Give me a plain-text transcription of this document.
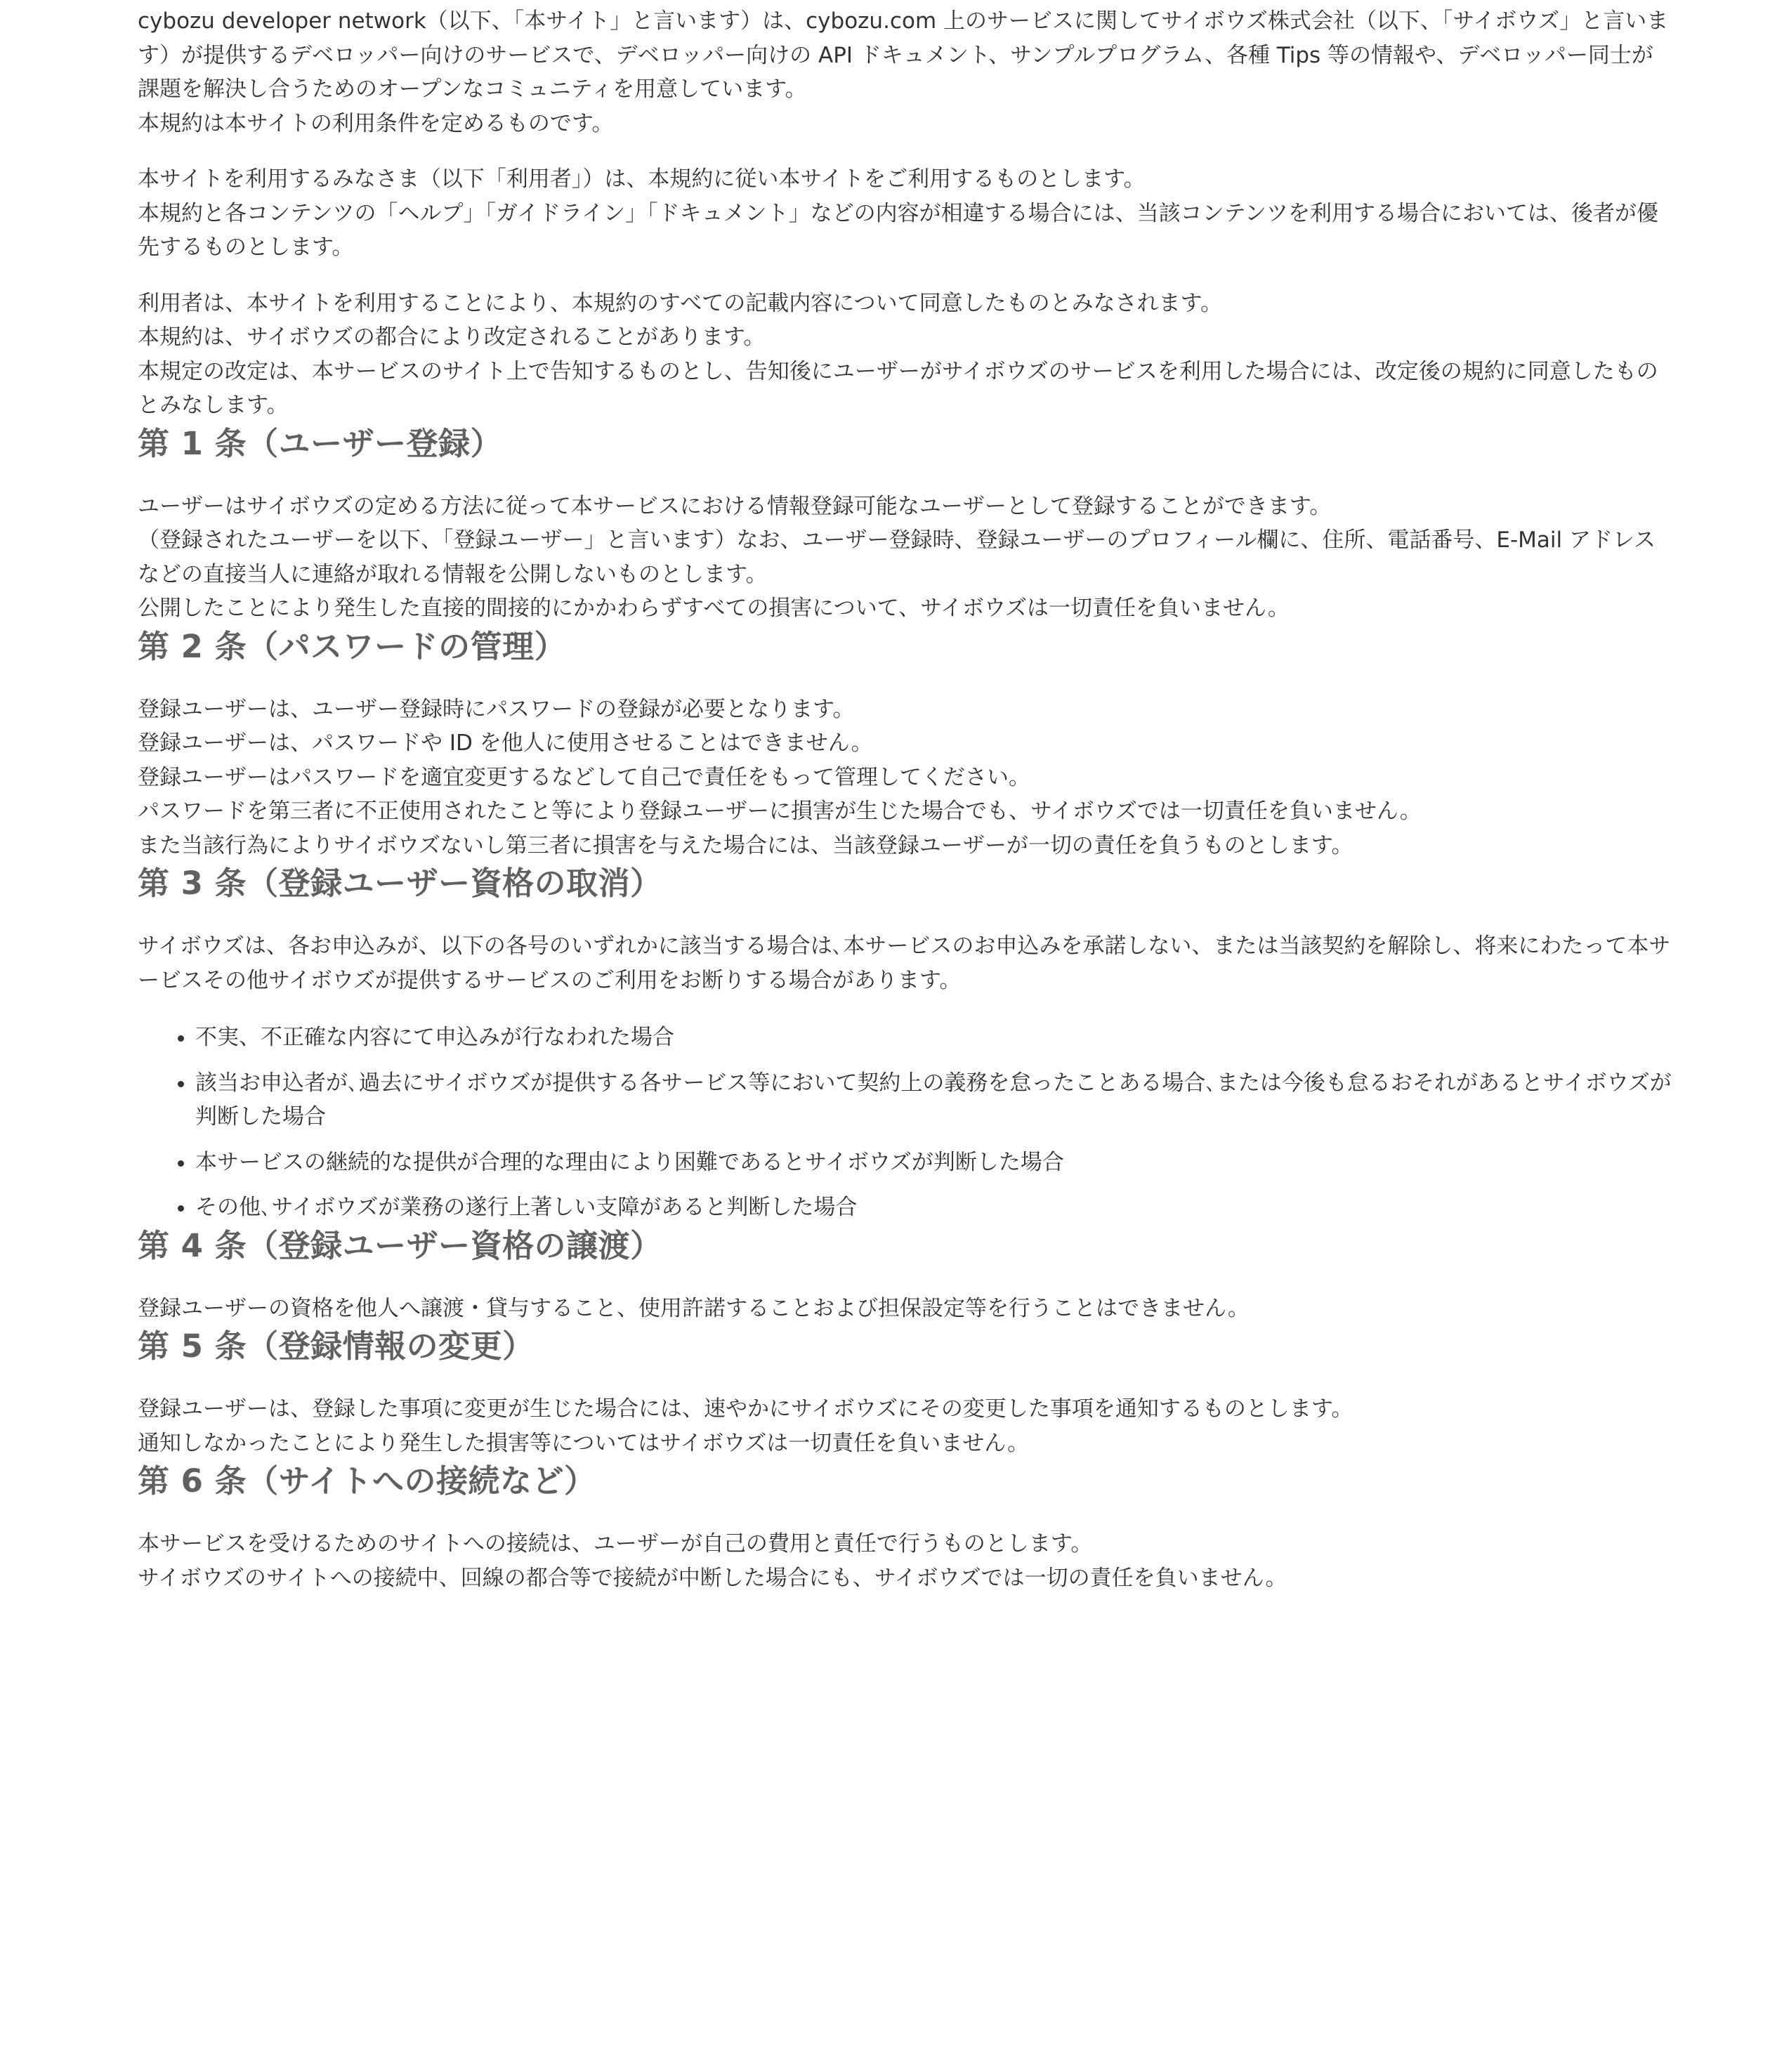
cybozu developer network（以下、「本サイト」と言います）は、cybozu.com 上のサービスに関してサイボウズ株式会社（以下、「サイボウズ」と言います）が提供するデベロッパー向けのサービスで、デベロッパー向けの API ドキュメント、サンプルプログラム、各種 Tips 等の情報や、デベロッパー同士が課題を解決し合うためのオープンなコミュニティを用意しています。

本規約は本サイトの利用条件を定めるものです。

本サイトを利用するみなさま（以下「利用者」）は、本規約に従い本サイトをご利用するものとします。

本規約と各コンテンツの「ヘルプ」「ガイドライン」「ドキュメント」などの内容が相違する場合には、当該コンテンツを利用する場合においては、後者が優先するものとします。

利用者は、本サイトを利用することにより、本規約のすべての記載内容について同意したものとみなされます。

本規約は、サイボウズの都合により改定されることがあります。

本規定の改定は、本サービスのサイト上で告知するものとし、告知後にユーザーがサイボウズのサービスを利用した場合には、改定後の規約に同意したものとみなします。

第 1 条（ユーザー登録）

ユーザーはサイボウズの定める方法に従って本サービスにおける情報登録可能なユーザーとして登録することができます。

（登録されたユーザーを以下、「登録ユーザー」と言います）なお、ユーザー登録時、登録ユーザーのプロフィール欄に、住所、電話番号、E-Mail アドレスなどの直接当人に連絡が取れる情報を公開しないものとします。

公開したことにより発生した直接的間接的にかかわらずすべての損害について、サイボウズは一切責任を負いません。

第 2 条（パスワードの管理）

登録ユーザーは、ユーザー登録時にパスワードの登録が必要となります。

登録ユーザーは、パスワードや ID を他人に使用させることはできません。

登録ユーザーはパスワードを適宜変更するなどして自己で責任をもって管理してください。

パスワードを第三者に不正使用されたこと等により登録ユーザーに損害が生じた場合でも、サイボウズでは一切責任を負いません。

また当該行為によりサイボウズないし第三者に損害を与えた場合には、当該登録ユーザーが一切の責任を負うものとします。

第 3 条（登録ユーザー資格の取消）

サイボウズは、各お申込みが、以下の各号のいずれかに該当する場合は､本サービスのお申込みを承諾しない、または当該契約を解除し、将来にわたって本サービスその他サイボウズが提供するサービスのご利用をお断りする場合があります。

• 不実、不正確な内容にて申込みが行なわれた場合
• 該当お申込者が､過去にサイボウズが提供する各サービス等において契約上の義務を怠ったことある場合､または今後も怠るおそれがあるとサイボウズが判断した場合
• 本サービスの継続的な提供が合理的な理由により困難であるとサイボウズが判断した場合
• その他､サイボウズが業務の遂行上著しい支障があると判断した場合
第 4 条（登録ユーザー資格の譲渡）

登録ユーザーの資格を他人へ譲渡・貸与すること、使用許諾することおよび担保設定等を行うことはできません。

第 5 条（登録情報の変更）

登録ユーザーは、登録した事項に変更が生じた場合には、速やかにサイボウズにその変更した事項を通知するものとします。

通知しなかったことにより発生した損害等についてはサイボウズは一切責任を負いません。

第 6 条（サイトへの接続など）

本サービスを受けるためのサイトへの接続は、ユーザーが自己の費用と責任で行うものとします。

サイボウズのサイトへの接続中、回線の都合等で接続が中断した場合にも、サイボウズでは一切の責任を負いません。
